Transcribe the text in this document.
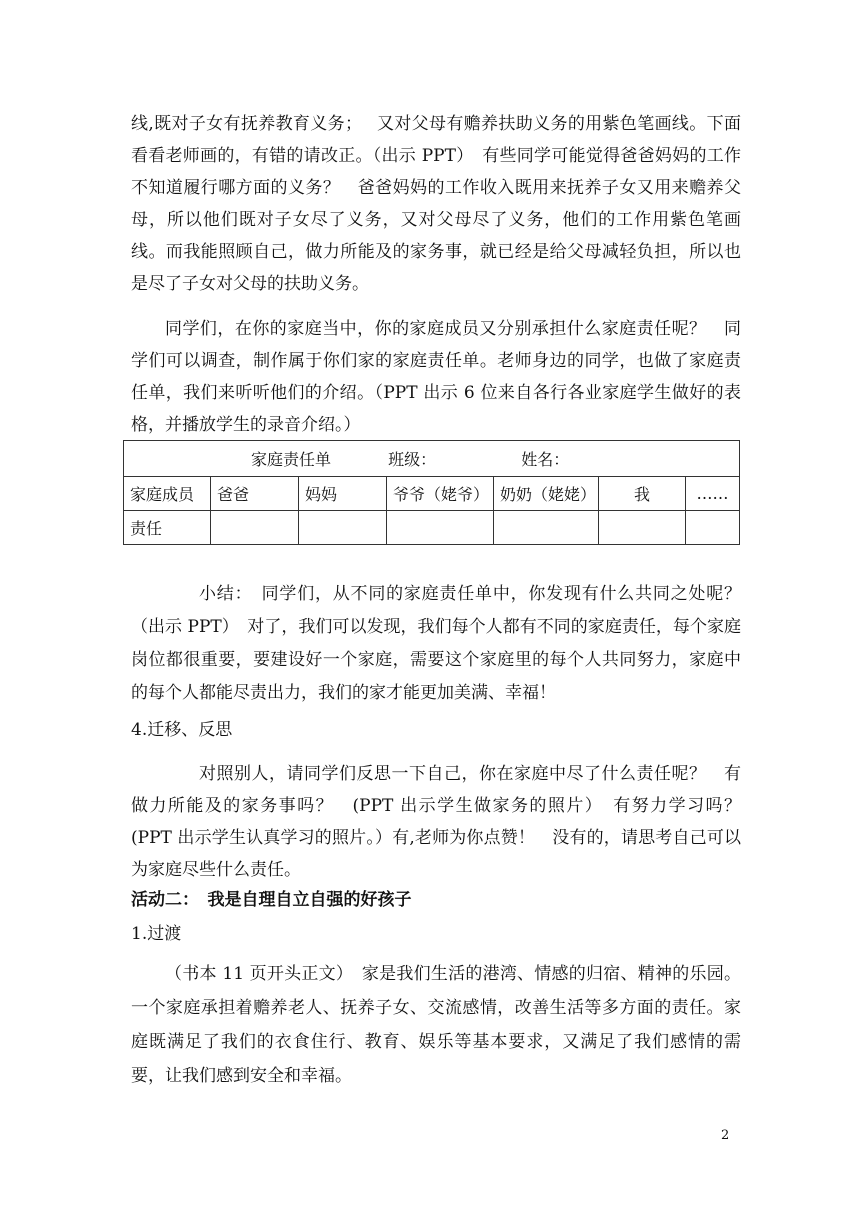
线,既对子女有抚养教育义务；　 又对父母有赡养扶助义务的用紫色笔画线。下面看看老师画的，有错的请改正。（出示 PPT）　有些同学可能觉得爸爸妈妈的工作不知道履行哪方面的义务？　爸爸妈妈的工作收入既用来抚养子女又用来赡养父母，所以他们既对子女尽了义务，又对父母尽了义务，他们的工作用紫色笔画线。而我能照顾自己，做力所能及的家务事，就已经是给父母减轻负担，所以也是尽了子女对父母的扶助义务。
同学们，在你的家庭当中，你的家庭成员又分别承担什么家庭责任呢？　同学们可以调查，制作属于你们家的家庭责任单。老师身边的同学，也做了家庭责任单，我们来听听他们的介绍。（PPT 出示 6 位来自各行各业家庭学生做好的表格，并播放学生的录音介绍。）
家庭责任单 班级： 姓名：						
家庭成员	爸爸	妈妈	爷爷（姥爷）	奶奶（姥姥）	我	……
责任						
小结：　同学们，从不同的家庭责任单中，你发现有什么共同之处呢？（出示 PPT）　对了，我们可以发现，我们每个人都有不同的家庭责任，每个家庭岗位都很重要，要建设好一个家庭，需要这个家庭里的每个人共同努力，家庭中的每个人都能尽责出力，我们的家才能更加美满、幸福！
4.迁移、反思
对照别人，请同学们反思一下自己，你在家庭中尽了什么责任呢？　有做力所能及的家务事吗？　(PPT 出示学生做家务的照片）　有努力学习吗？　(PPT 出示学生认真学习的照片。）有,老师为你点赞！　没有的，请思考自己可以为家庭尽些什么责任。
活动二：　我是自理自立自强的好孩子
1.过渡
（书本 11 页开头正文）　家是我们生活的港湾、情感的归宿、精神的乐园。一个家庭承担着赡养老人、抚养子女、交流感情，改善生活等多方面的责任。家庭既满足了我们的衣食住行、教育、娱乐等基本要求，又满足了我们感情的需要，让我们感到安全和幸福。
2
